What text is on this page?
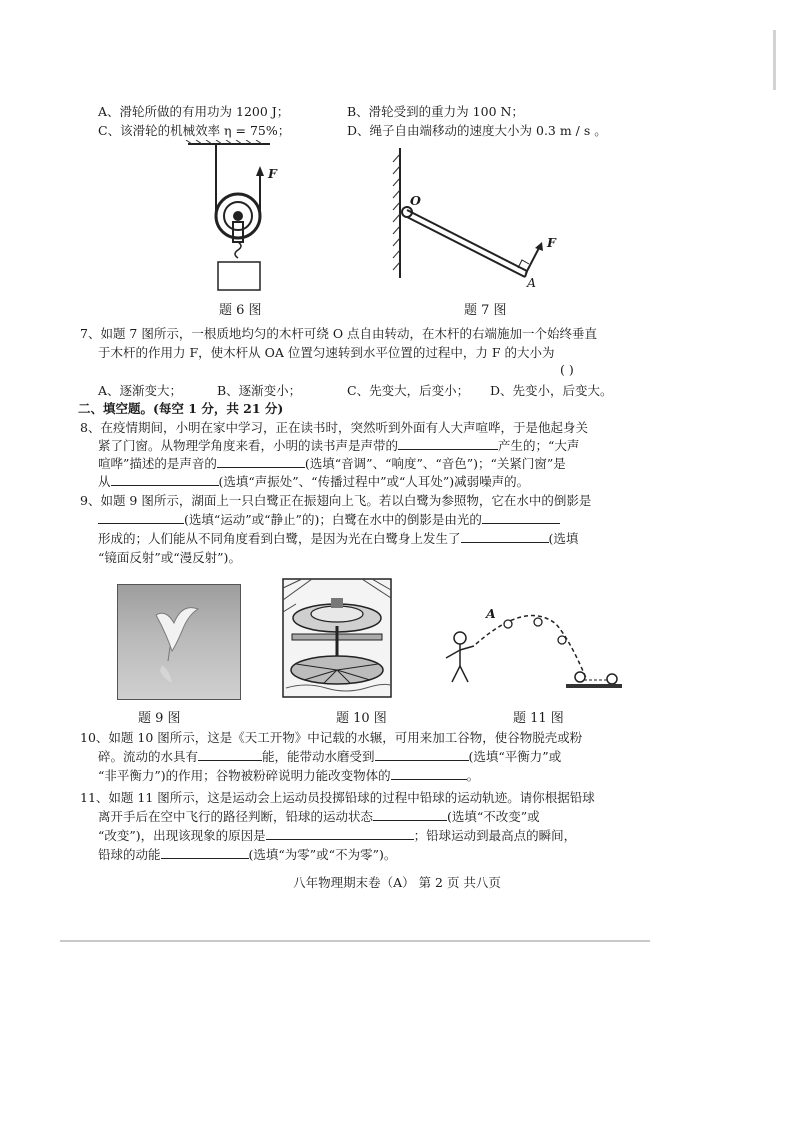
A、滑轮所做的有用功为 1200 J；	B、滑轮受到的重力为 100 N；
C、该滑轮的机械效率 η = 75%；	D、绳子自由端移动的速度大小为 0.3 m / s 。
F
题 6 图
O
F
A
题 7 图
7、如题 7 图所示，一根质地均匀的木杆可绕 O 点自由转动，在木杆的右端施加一个始终垂直
于木杆的作用力 F，使木杆从 OA 位置匀速转到水平位置的过程中，力 F 的大小为
( )
A、逐渐变大；	B、逐渐变小；	C、先变大，后变小； D、先变小，后变大。
二、填空题。(每空 1 分，共 21 分)
8、在疫情期间，小明在家中学习，正在读书时，突然听到外面有人大声喧哗，于是他起身关
紧了门窗。从物理学角度来看，小明的读书声是声带的	产生的；“大声
喧哗”描述的是声音的	(选填“音调”、“响度”、“音色”)；“关紧门窗”是
从	(选填“声振处”、“传播过程中”或“人耳处”)减弱噪声的。
9、如题 9 图所示，湖面上一只白鹭正在振翅向上飞。若以白鹭为参照物，它在水中的倒影是
(选填“运动”或“静止”的)；白鹭在水中的倒影是由光的
形成的；人们能从不同角度看到白鹭，是因为光在白鹭身上发生了	(选填
“镜面反射”或“漫反射”)。
题 9 图	题 10 图
A
题 11 图
10、如题 10 图所示，这是《天工开物》中记载的水辗，可用来加工谷物，使谷物脱壳或粉
碎。流动的水具有	能，能带动水磨受到	(选填“平衡力”或
“非平衡力”)的作用；谷物被粉碎说明力能改变物体的	。
11、如题 11 图所示，这是运动会上运动员投掷铅球的过程中铅球的运动轨迹。请你根据铅球
离开手后在空中飞行的路径判断，铅球的运动状态	(选填“不改变”或
“改变”)，出现该现象的原因是	；铅球运动到最高点的瞬间，
铅球的动能	(选填“为零”或“不为零”)。
八年物理期末卷（A） 第 2 页 共八页
